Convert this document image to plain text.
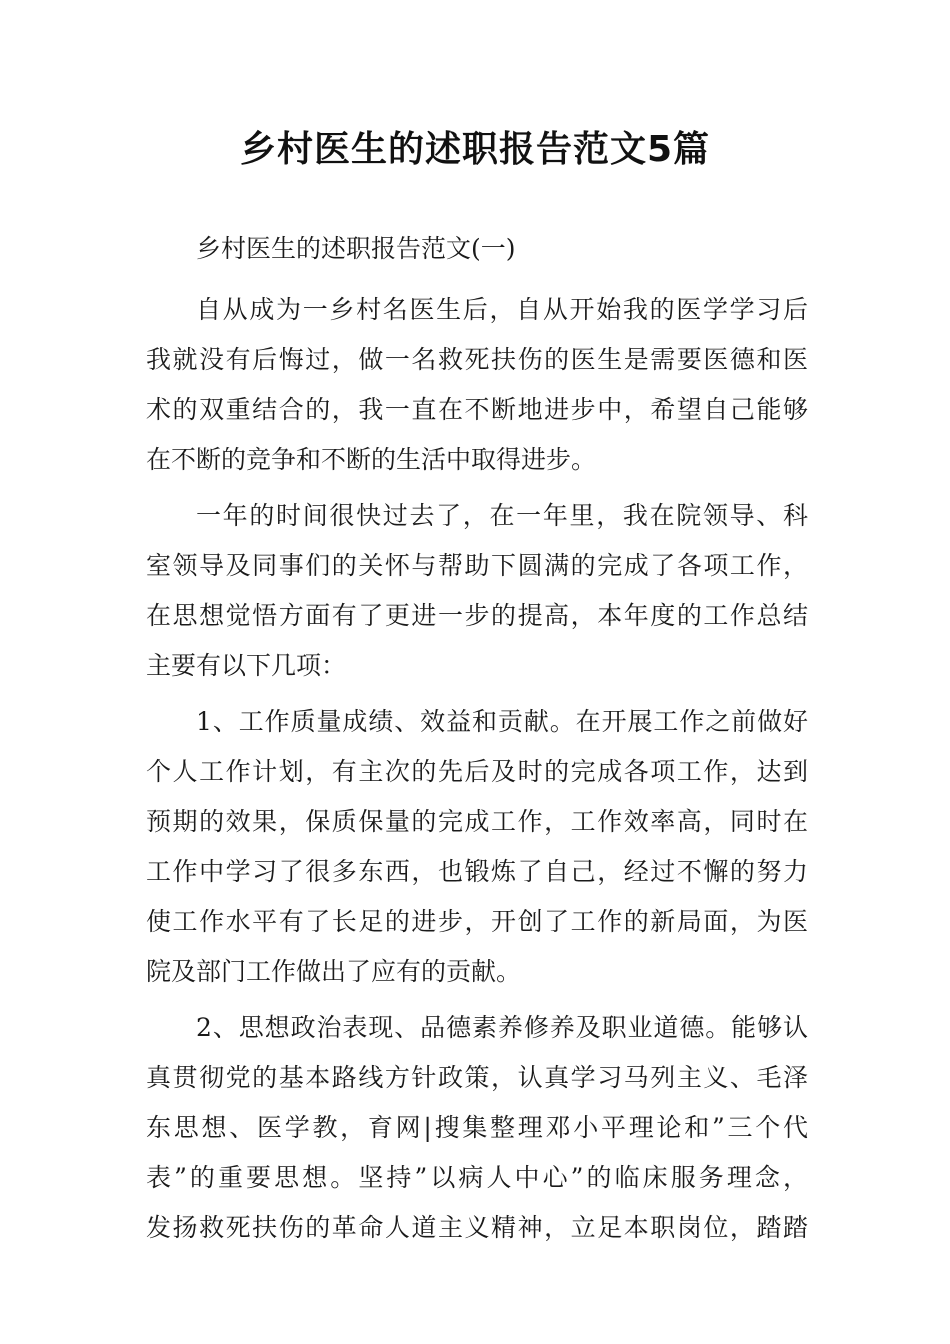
乡村医生的述职报告范文5篇
乡村医生的述职报告范文(一)
自从成为一乡村名医生后，自从开始我的医学学习后
我就没有后悔过，做一名救死扶伤的医生是需要医德和医
术的双重结合的，我一直在不断地进步中，希望自己能够
在不断的竞争和不断的生活中取得进步。
一年的时间很快过去了，在一年里，我在院领导、科
室领导及同事们的关怀与帮助下圆满的完成了各项工作，
在思想觉悟方面有了更进一步的提高，本年度的工作总结
主要有以下几项：
1、工作质量成绩、效益和贡献。在开展工作之前做好
个人工作计划，有主次的先后及时的完成各项工作，达到
预期的效果，保质保量的完成工作，工作效率高，同时在
工作中学习了很多东西，也锻炼了自己，经过不懈的努力
使工作水平有了长足的进步，开创了工作的新局面，为医
院及部门工作做出了应有的贡献。
2、思想政治表现、品德素养修养及职业道德。能够认
真贯彻党的基本路线方针政策，认真学习马列主义、毛泽
东思想、医学教，育网|搜集整理邓小平理论和”三个代
表”的重要思想。坚持”以病人中心”的临床服务理念，
发扬救死扶伤的革命人道主义精神，立足本职岗位，踏踏
